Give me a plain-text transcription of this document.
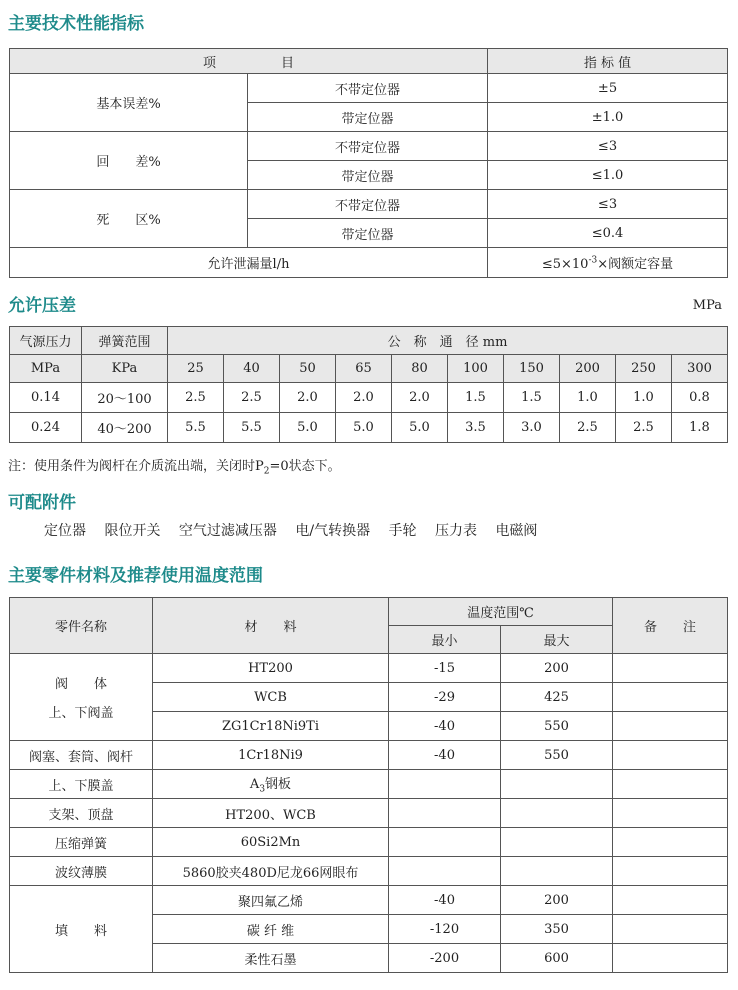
主要技术性能指标
项　　　　　目		指 标 值
基本误差%	不带定位器	±5
	带定位器	±1.0
回　　差%	不带定位器	≤3
	带定位器	≤1.0
死　　区%	不带定位器	≤3
	带定位器	≤0.4
允许泄漏量l/h		$\le 5\times 10^{-3}\times$阀额定容量
允许压差	MPa
气源压力	弹簧范围	公　称　通　径 mm									
MPa	KPa	25	40	50	65	80	100	150	200	250	300
0.14	20～100	2.5	2.5	2.0	2.0	2.0	1.5	1.5	1.0	1.0	0.8
0.24	40～200	5.5	5.5	5.0	5.0	5.0	3.5	3.0	2.5	2.5	1.8
注：使用条件为阀杆在介质流出端，关闭时$P_2=0$状态下。
可配附件
定位器 限位开关 空气过滤减压器 电/气转换器 手轮 压力表 电磁阀
主要零件材料及推荐使用温度范围
零件名称	材　　料	温度范围℃		备　　注
		最小	最大	

阀　　体
上、下阀盖	HT200	-15	200	
	WCB	-29	425	
	ZG1Cr18Ni9Ti	-40	550	
阀塞、套筒、阀杆	1Cr18Ni9	-40	550	
上、下膜盖	$A_3$钢板			
支架、顶盘	HT200、WCB			
压缩弹簧	60Si2Mn			
波纹薄膜	5860胶夹480D尼龙66网眼布			
填　　料	聚四氟乙烯	-40	200	
	碳 纤 维	-120	350	
	柔性石墨	-200	600	
